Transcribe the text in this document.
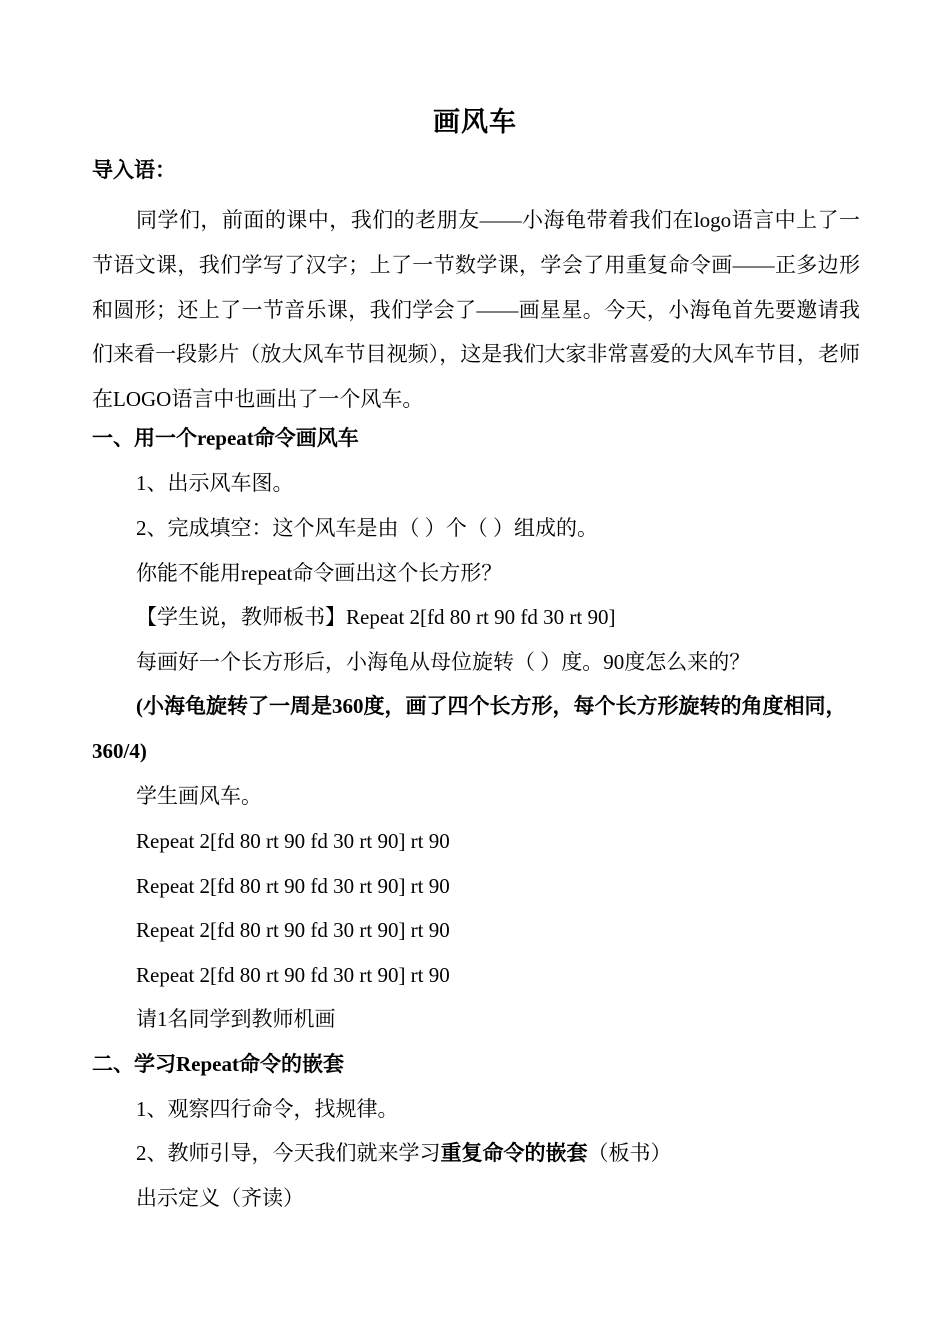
画风车
导入语：
同学们，前面的课中，我们的老朋友——小海龟带着我们在logo语言中上了一节语文课，我们学写了汉字；上了一节数学课，学会了用重复命令画——正多边形和圆形；还上了一节音乐课，我们学会了——画星星。今天，小海龟首先要邀请我们来看一段影片（放大风车节目视频），这是我们大家非常喜爱的大风车节目，老师在LOGO语言中也画出了一个风车。
一、用一个repeat命令画风车
1、出示风车图。
2、完成填空：这个风车是由（ ）个（ ）组成的。
你能不能用repeat命令画出这个长方形？
【学生说，教师板书】Repeat 2[fd 80 rt 90 fd 30 rt 90]
每画好一个长方形后，小海龟从母位旋转（ ）度。90度怎么来的？
(小海龟旋转了一周是360度，画了四个长方形，每个长方形旋转的角度相同，360/4)
学生画风车。
Repeat 2[fd 80 rt 90 fd 30 rt 90] rt 90
Repeat 2[fd 80 rt 90 fd 30 rt 90] rt 90
Repeat 2[fd 80 rt 90 fd 30 rt 90] rt 90
Repeat 2[fd 80 rt 90 fd 30 rt 90] rt 90
请1名同学到教师机画
二、学习Repeat命令的嵌套
1、观察四行命令，找规律。
2、教师引导，今天我们就来学习重复命令的嵌套（板书）
出示定义（齐读）
